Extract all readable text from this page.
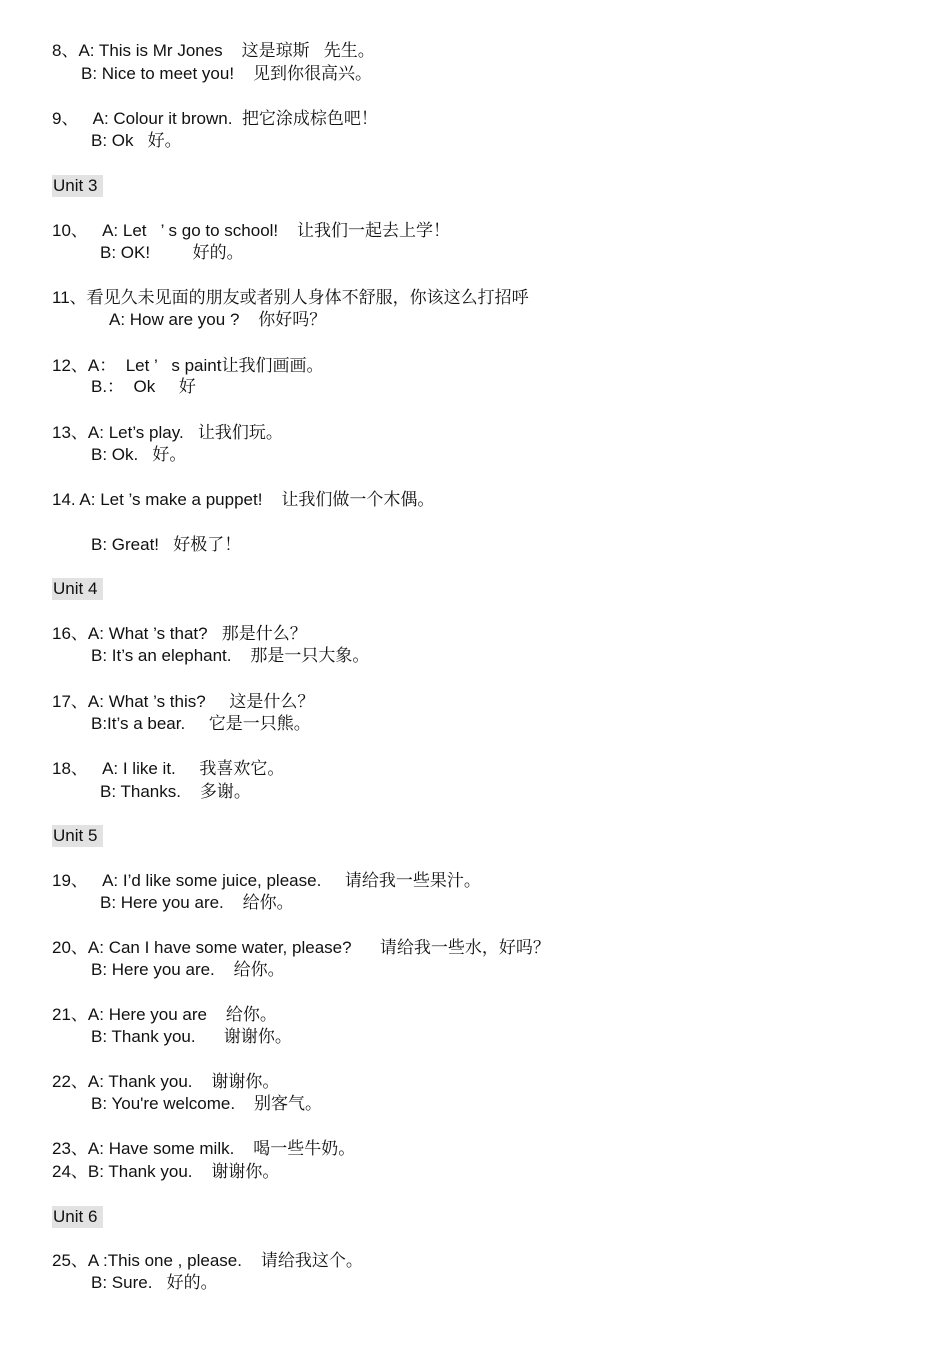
8、A: This is Mr Jones    这是琼斯   先生。
B: Nice to meet you!    见到你很高兴。
9、   A: Colour it brown.  把它涂成棕色吧！
B: Ok   好。
Unit 3
10、   A: Let   ’ s go to school!    让我们一起去上学！
B: OK!         好的。
11、看见久未见面的朋友或者别人身体不舒服，你该这么打招呼
A: How are you ?    你好吗？
12、A：  Let ’   s paint让我们画画。
B.：  Ok     好
13、A: Let’s play.   让我们玩。
B: Ok.   好。
14. A: Let ’s make a puppet!    让我们做一个木偶。
B: Great!   好极了！
Unit 4
16、A: What ’s that?   那是什么？
B: It’s an elephant.    那是一只大象。
17、A: What ’s this?     这是什么？
B:It’s a bear.     它是一只熊。
18、   A: I like it.     我喜欢它。
B: Thanks.    多谢。
Unit 5
19、   A: I’d like some juice, please.     请给我一些果汁。
B: Here you are.    给你。
20、A: Can I have some water, please?      请给我一些水，好吗？
B: Here you are.    给你。
21、A: Here you are    给你。
B: Thank you.      谢谢你。
22、A: Thank you.    谢谢你。
B: You're welcome.    别客气。
23、A: Have some milk.    喝一些牛奶。
24、B: Thank you.    谢谢你。
Unit 6
25、A :This one , please.    请给我这个。
B: Sure.   好的。
